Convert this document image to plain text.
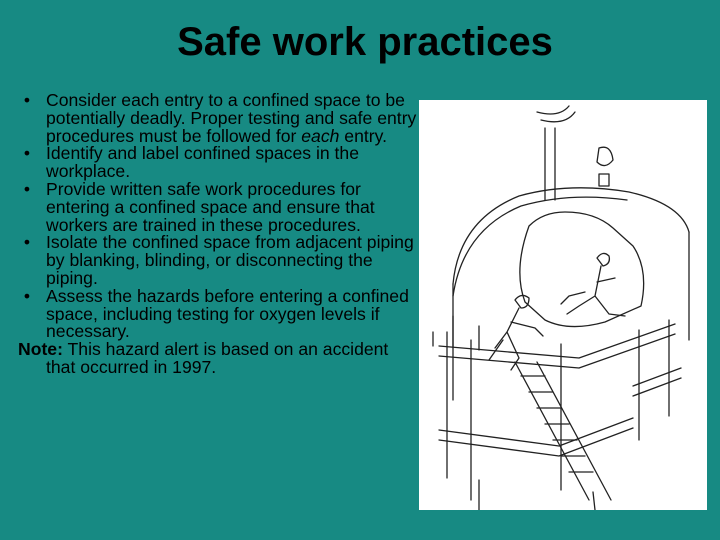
Safe work practices
• Consider each entry to a confined space to be potentially deadly. Proper testing and safe entry procedures must be followed for each entry.
• Identify and label confined spaces in the workplace.
• Provide written safe work procedures for entering a confined space and ensure that workers are trained in these procedures.
• Isolate the confined space from adjacent piping by blanking, blinding, or disconnecting the piping.
• Assess the hazards before entering a confined space, including testing for oxygen levels if necessary.

Note: This hazard alert is based on an accident that occurred in 1997.
